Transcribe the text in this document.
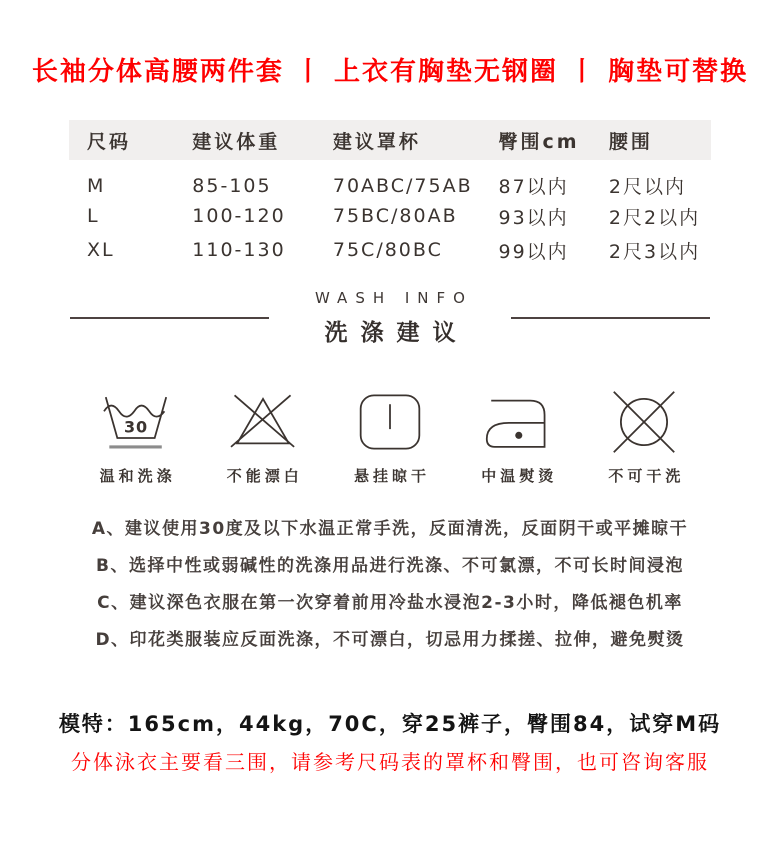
长袖分体高腰两件套 丨 上衣有胸垫无钢圈 丨 胸垫可替换
尺码	建议体重	建议罩杯	臀围cm	腰围
M	85-105	70ABC/75AB	87以内	2尺以内
L	100-120	75BC/80AB	93以内	2尺2以内
XL	110-130	75C/80BC	99以内	2尺3以内
WASH INFO
洗涤建议
30
温和洗涤	不能漂白	悬挂晾干	中温熨烫	不可干洗

A、建议使用30度及以下水温正常手洗，反面清洗，反面阴干或平摊晾干

B、选择中性或弱碱性的洗涤用品进行洗涤、不可氯漂，不可长时间浸泡

C、建议深色衣服在第一次穿着前用冷盐水浸泡2-3小时，降低褪色机率

D、印花类服装应反面洗涤，不可漂白，切忌用力揉搓、拉伸，避免熨烫

模特：165cm，44kg，70C，穿25裤子，臀围84，试穿M码
分体泳衣主要看三围，请参考尺码表的罩杯和臀围，也可咨询客服
